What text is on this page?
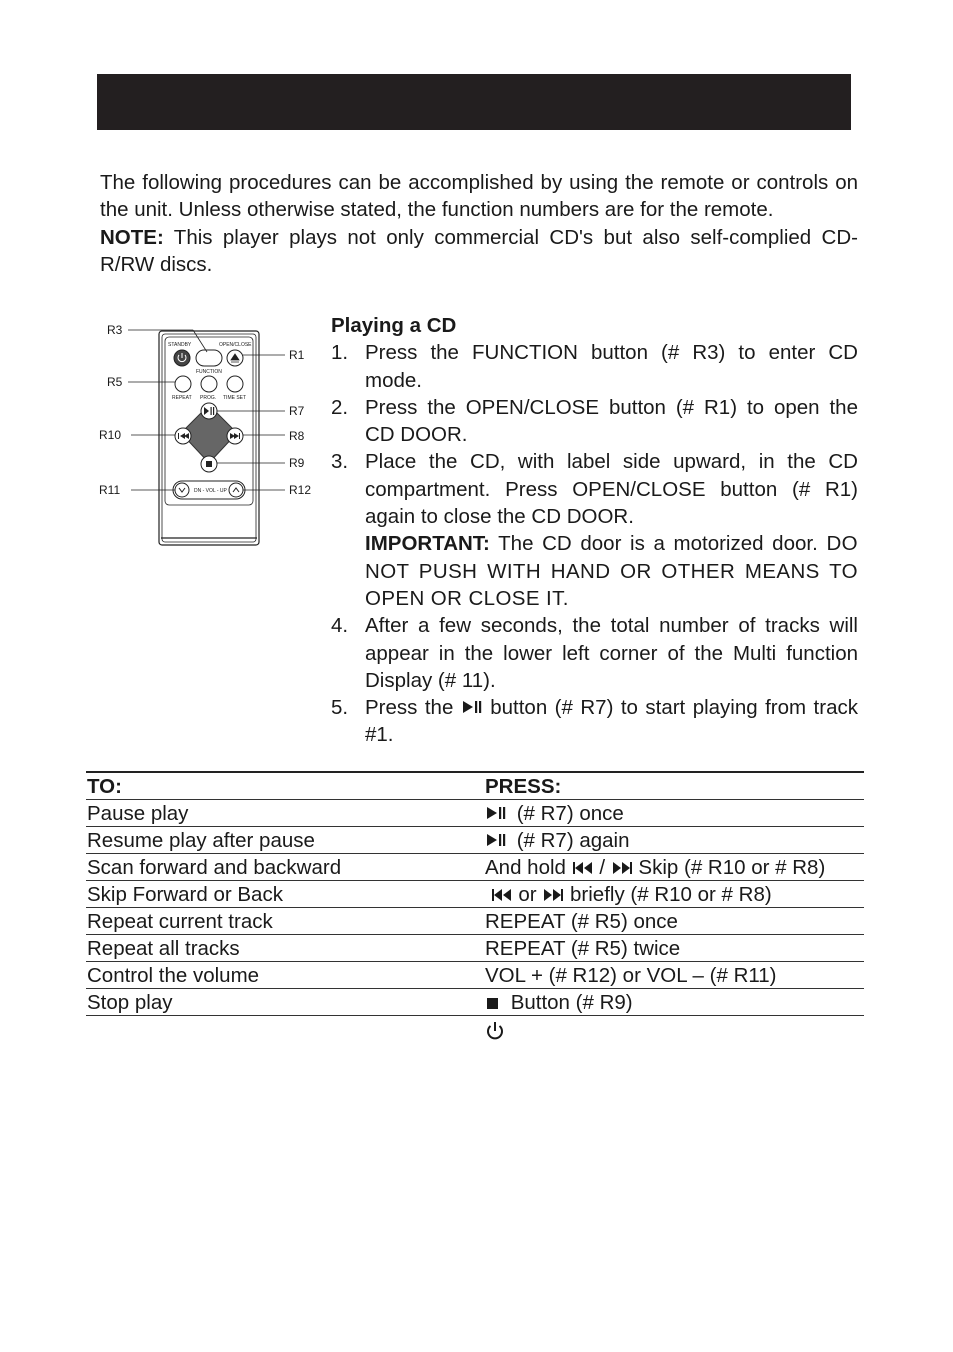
The following procedures can be accomplished by using the remote or controls on the unit. Unless otherwise stated, the function numbers are for the remote.

NOTE: This player plays not only commercial CD's but also self-complied CD-R/RW discs.

STANDBY	OPEN/CLOSE
FUNCTION
REPEAT PROG. TIME SET
DN - VOL - UP
R3
R5
R10
R11
R1
R7
R8
R9
R12
Playing a CD
1. Press the FUNCTION button (# R3) to enter CD mode.
2. Press the OPEN/CLOSE button (# R1) to open the CD DOOR.
3. Place the CD, with label side upward, in the CD compartment. Press OPEN/CLOSE button (# R1) again to close the CD DOOR.
IMPORTANT: The CD door is a motorized door. DO NOT PUSH WITH HAND OR OTHER MEANS TO OPEN OR CLOSE IT.
4. After a few seconds, the total number of tracks will appear in the lower left corner of the Multi function Display (# 11).
5. Press the  button (# R7) to start playing from track #1.
TO:	PRESS:
Pause play	(# R7) once
Resume play after pause	(# R7) again
Scan forward and backward	And hold  /  Skip (# R10 or # R8)
Skip Forward or Back	or  briefly (# R10 or # R8)
Repeat current track	REPEAT (# R5) once
Repeat all tracks	REPEAT (# R5) twice
Control the volume	VOL + (# R12) or VOL – (# R11)
Stop play	Button (# R9)
